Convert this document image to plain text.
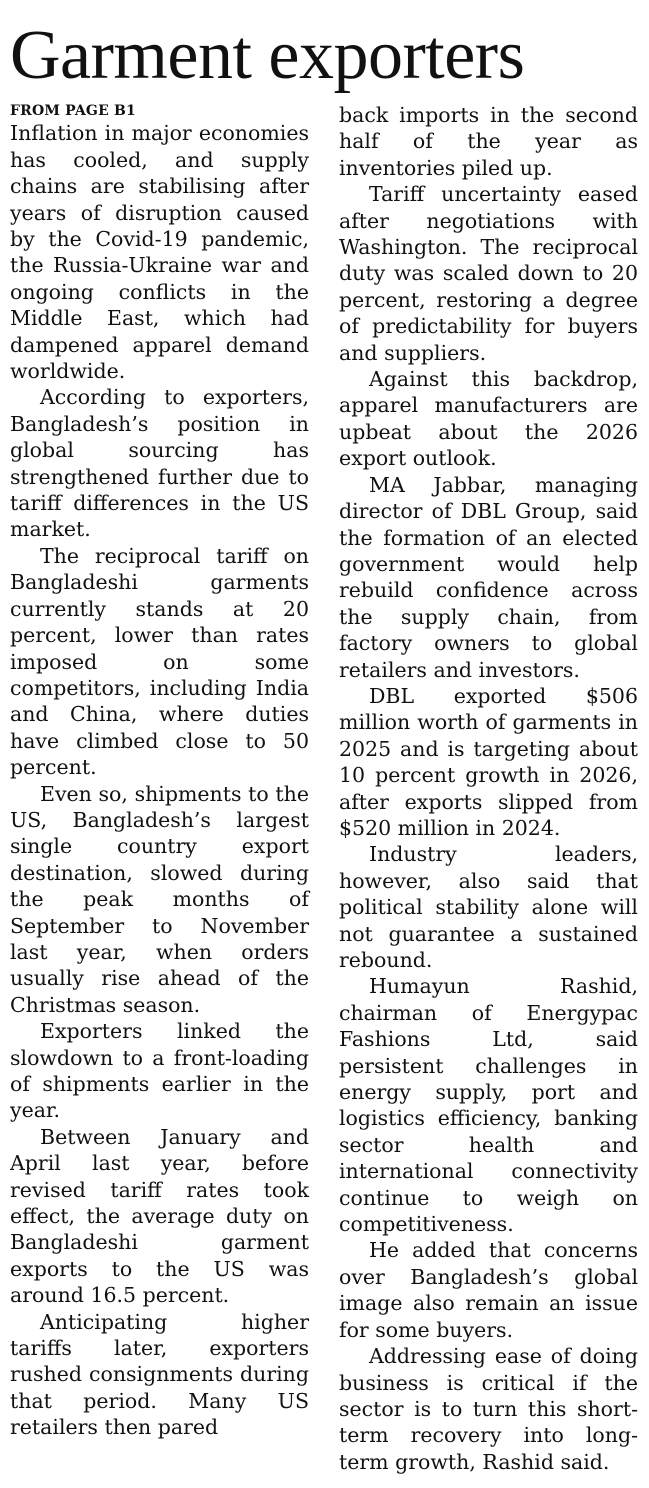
Garment exporters
FROM PAGE B1

Inflation in major economies has cooled, and supply chains are stabilising after years of disruption caused by the Covid-19 pandemic, the Russia-Ukraine war and ongoing conflicts in the Middle East, which had dampened apparel demand worldwide.

According to exporters, Bangladesh’s position in global sourcing has strengthened further due to tariff differences in the US market.

The reciprocal tariff on Bangladeshi garments currently stands at 20 percent, lower than rates imposed on some competitors, including India and China, where duties have climbed close to 50 percent.

Even so, shipments to the US, Bangladesh’s largest single country export destination, slowed during the peak months of September to November last year, when orders usually rise ahead of the Christmas season.

Exporters linked the slowdown to a front-loading of shipments earlier in the year.

Between January and April last year, before revised tariff rates took effect, the average duty on Bangladeshi garment exports to the US was around 16.5 percent.

Anticipating higher tariffs later, exporters rushed consignments during that period. Many US retailers then pared

back imports in the second half of the year as inventories piled up.

Tariff uncertainty eased after negotiations with Washington. The reciprocal duty was scaled down to 20 percent, restoring a degree of predictability for buyers and suppliers.

Against this backdrop, apparel manufacturers are upbeat about the 2026 export outlook.

MA Jabbar, managing director of DBL Group, said the formation of an elected government would help rebuild confidence across the supply chain, from factory owners to global retailers and investors.

DBL exported $506 million worth of garments in 2025 and is targeting about 10 percent growth in 2026, after exports slipped from $520 million in 2024.

Industry leaders, however, also said that political stability alone will not guarantee a sustained rebound.

Humayun Rashid, chairman of Energypac Fashions Ltd, said persistent challenges in energy supply, port and logistics efficiency, banking sector health and international connectivity continue to weigh on competitiveness.

He added that concerns over Bangladesh’s global image also remain an issue for some buyers.

Addressing ease of doing business is critical if the sector is to turn this short-term recovery into long-term growth, Rashid said.
